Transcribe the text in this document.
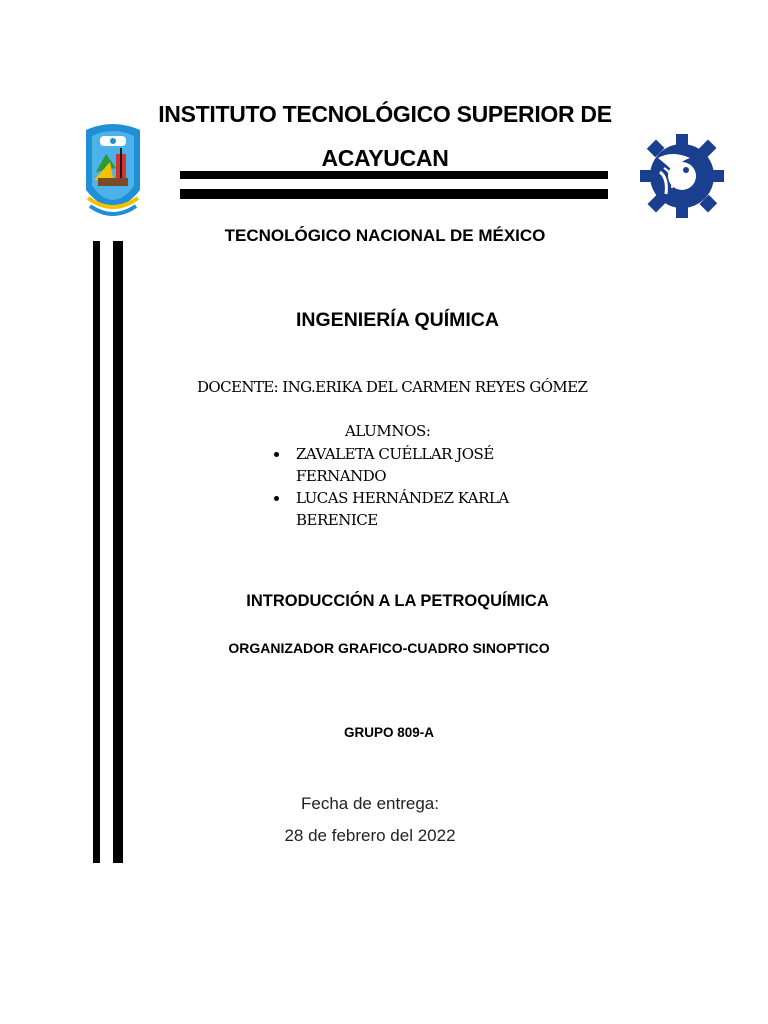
INSTITUTO TECNOLÓGICO SUPERIOR DE
ACAYUCAN
TECNOLÓGICO NACIONAL DE MÉXICO
INGENIERÍA QUÍMICA
DOCENTE: ING.ERIKA DEL CARMEN REYES GÓMEZ
ALUMNOS:
ZAVALETA CUÉLLAR JOSÉ FERNANDO
LUCAS HERNÁNDEZ KARLA BERENICE
INTRODUCCIÓN A LA PETROQUÍMICA
ORGANIZADOR GRAFICO-CUADRO SINOPTICO
GRUPO 809-A
Fecha de entrega:
28 de febrero del 2022
